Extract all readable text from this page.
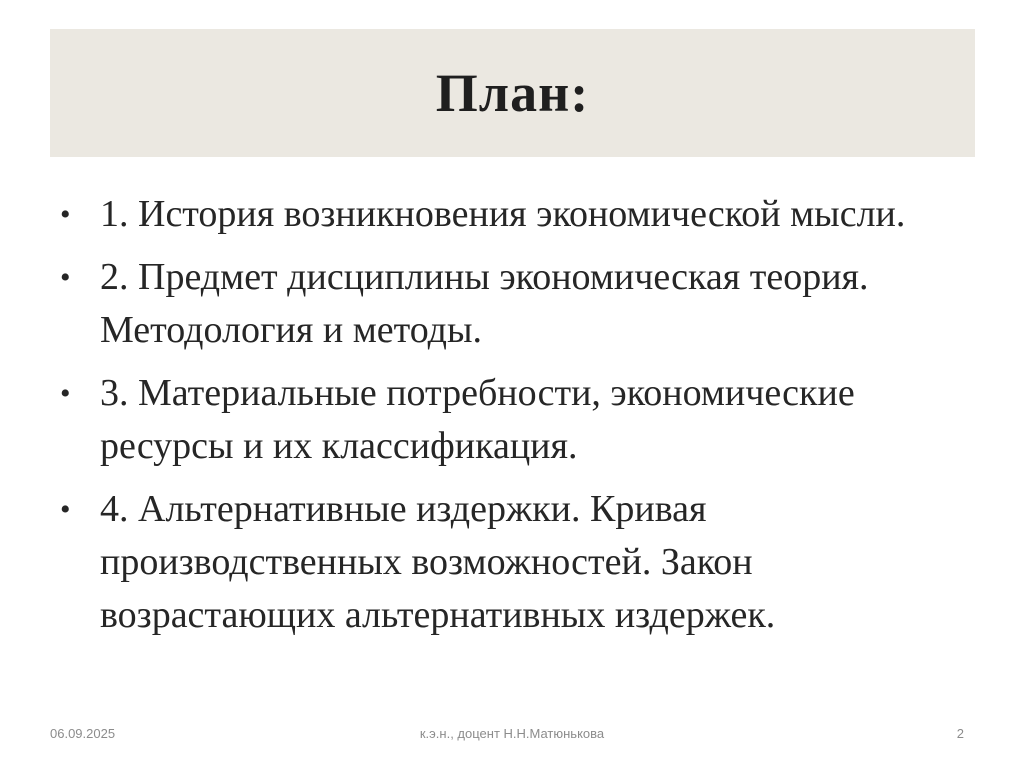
План:
• 1. История возникновения экономической мысли.
• 2. Предмет дисциплины экономическая теория. Методология и методы.
• 3. Материальные потребности, экономические ресурсы и их классификация.
• 4. Альтернативные издержки. Кривая производственных возможностей. Закон возрастающих альтернативных издержек.
06.09.2025	к.э.н., доцент Н.Н.Матюнькова	2
